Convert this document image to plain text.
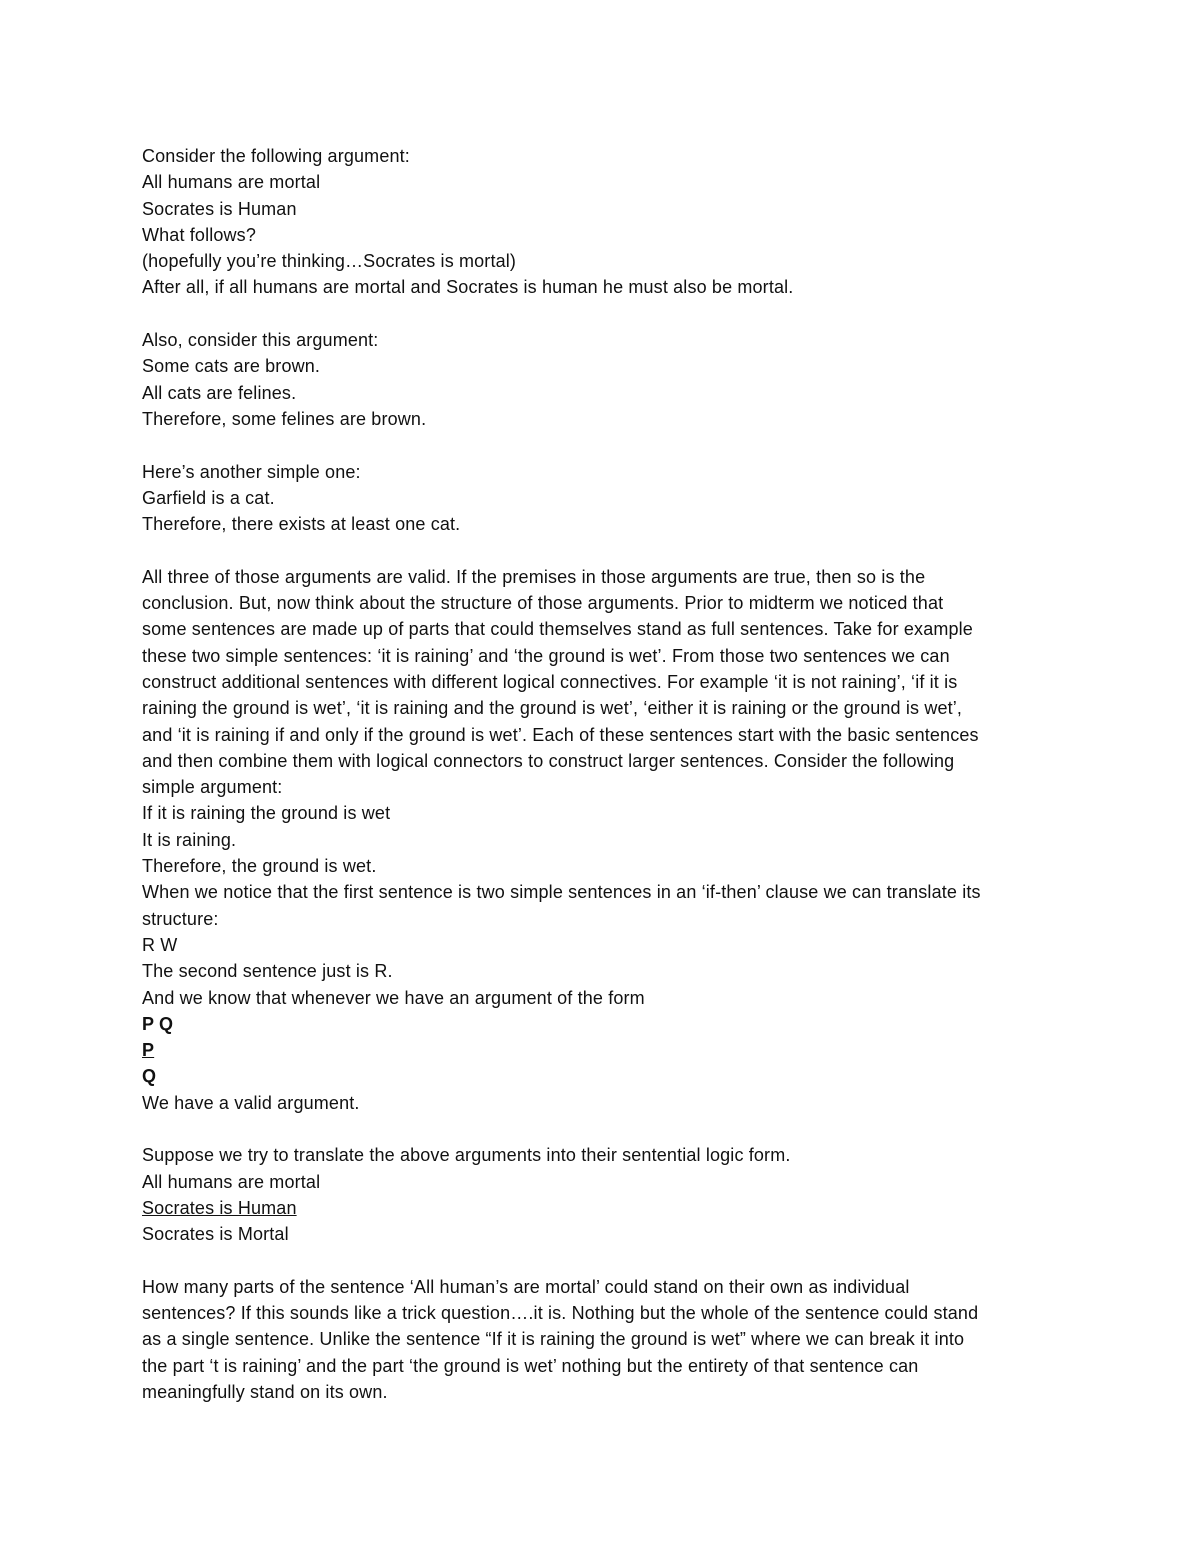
Consider the following argument:
All humans are mortal
Socrates is Human
What follows?
(hopefully you’re thinking…Socrates is mortal)
After all, if all humans are mortal and Socrates is human he must also be mortal.
Also, consider this argument:
Some cats are brown.
All cats are felines.
Therefore, some felines are brown.
Here’s another simple one:
Garfield is a cat.
Therefore, there exists at least one cat.
All three of those arguments are valid. If the premises in those arguments are true, then so is the
conclusion. But, now think about the structure of those arguments. Prior to midterm we noticed that
some sentences are made up of parts that could themselves stand as full sentences. Take for example
these two simple sentences: ‘it is raining’ and ‘the ground is wet’. From those two sentences we can
construct additional sentences with different logical connectives. For example ‘it is not raining’, ‘if it is
raining the ground is wet’, ‘it is raining and the ground is wet’, ‘either it is raining or the ground is wet’,
and ‘it is raining if and only if the ground is wet’. Each of these sentences start with the basic sentences
and then combine them with logical connectors to construct larger sentences. Consider the following
simple argument:
If it is raining the ground is wet
It is raining.
Therefore, the ground is wet.
When we notice that the first sentence is two simple sentences in an ‘if-then’ clause we can translate its
structure:
R W
The second sentence just is R.
And we know that whenever we have an argument of the form
P Q
P
Q
We have a valid argument.
Suppose we try to translate the above arguments into their sentential logic form.
All humans are mortal
Socrates is Human
Socrates is Mortal
How many parts of the sentence ‘All human’s are mortal’ could stand on their own as individual
sentences? If this sounds like a trick question….it is. Nothing but the whole of the sentence could stand
as a single sentence. Unlike the sentence “If it is raining the ground is wet” where we can break it into
the part ‘t is raining’ and the part ‘the ground is wet’ nothing but the entirety of that sentence can
meaningfully stand on its own.
